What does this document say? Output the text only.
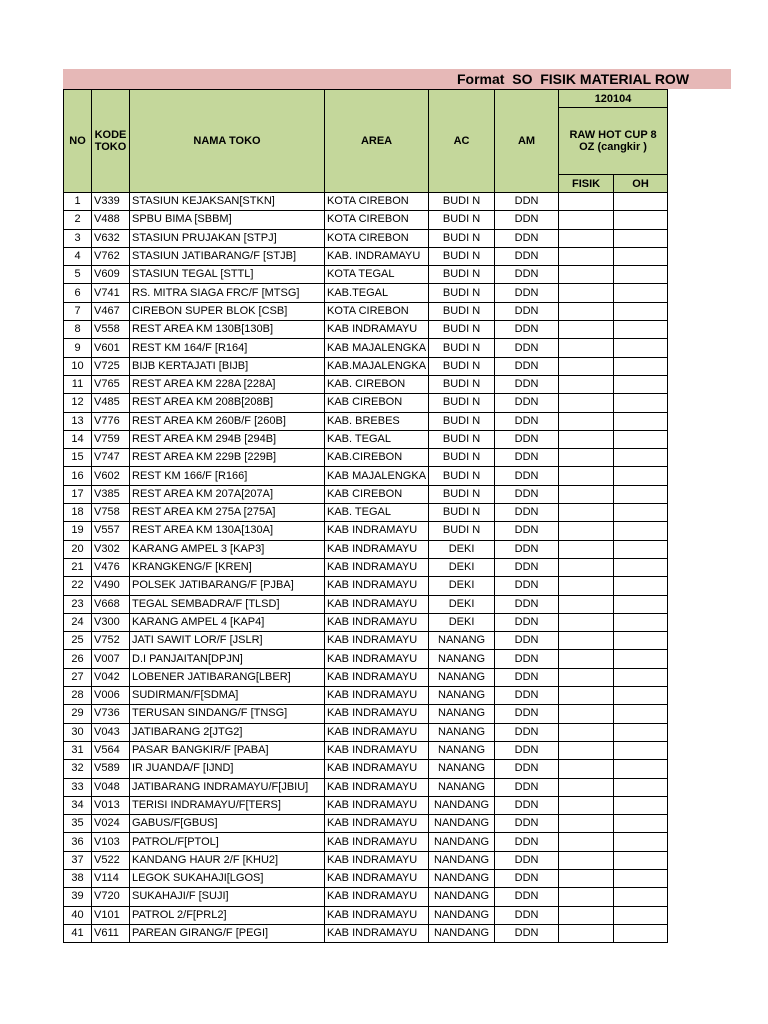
Format  SO  FISIK MATERIAL ROW
NO	KODE TOKO	NAMA TOKO	AREA	AC	AM	120104	
						RAW HOT CUP 8 OZ (cangkir )	
						FISIK	OH
1	V339	STASIUN KEJAKSAN[STKN]	KOTA CIREBON	BUDI N	DDN		
2	V488	SPBU BIMA [SBBM]	KOTA CIREBON	BUDI N	DDN		
3	V632	STASIUN PRUJAKAN [STPJ]	KOTA CIREBON	BUDI N	DDN		
4	V762	STASIUN JATIBARANG/F [STJB]	KAB. INDRAMAYU	BUDI N	DDN		
5	V609	STASIUN TEGAL [STTL]	KOTA TEGAL	BUDI N	DDN		
6	V741	RS. MITRA SIAGA FRC/F [MTSG]	KAB.TEGAL	BUDI N	DDN		
7	V467	CIREBON SUPER BLOK [CSB]	KOTA CIREBON	BUDI N	DDN		
8	V558	REST AREA KM 130B[130B]	KAB INDRAMAYU	BUDI N	DDN		
9	V601	REST KM 164/F [R164]	KAB MAJALENGKA	BUDI N	DDN		
10	V725	BIJB KERTAJATI [BIJB]	KAB.MAJALENGKA	BUDI N	DDN		
11	V765	REST AREA KM 228A [228A]	KAB. CIREBON	BUDI N	DDN		
12	V485	REST AREA KM 208B[208B]	KAB CIREBON	BUDI N	DDN		
13	V776	REST AREA KM 260B/F [260B]	KAB. BREBES	BUDI N	DDN		
14	V759	REST AREA KM 294B [294B]	KAB. TEGAL	BUDI N	DDN		
15	V747	REST AREA KM 229B [229B]	KAB.CIREBON	BUDI N	DDN		
16	V602	REST KM 166/F [R166]	KAB MAJALENGKA	BUDI N	DDN		
17	V385	REST AREA KM 207A[207A]	KAB CIREBON	BUDI N	DDN		
18	V758	REST AREA KM 275A [275A]	KAB. TEGAL	BUDI N	DDN		
19	V557	REST AREA KM 130A[130A]	KAB INDRAMAYU	BUDI N	DDN		
20	V302	KARANG AMPEL 3 [KAP3]	KAB INDRAMAYU	DEKI	DDN		
21	V476	KRANGKENG/F [KREN]	KAB INDRAMAYU	DEKI	DDN		
22	V490	POLSEK JATIBARANG/F [PJBA]	KAB INDRAMAYU	DEKI	DDN		
23	V668	TEGAL SEMBADRA/F [TLSD]	KAB INDRAMAYU	DEKI	DDN		
24	V300	KARANG AMPEL 4 [KAP4]	KAB INDRAMAYU	DEKI	DDN		
25	V752	JATI SAWIT LOR/F [JSLR]	KAB INDRAMAYU	NANANG	DDN		
26	V007	D.I PANJAITAN[DPJN]	KAB INDRAMAYU	NANANG	DDN		
27	V042	LOBENER JATIBARANG[LBER]	KAB INDRAMAYU	NANANG	DDN		
28	V006	SUDIRMAN/F[SDMA]	KAB INDRAMAYU	NANANG	DDN		
29	V736	TERUSAN SINDANG/F [TNSG]	KAB INDRAMAYU	NANANG	DDN		
30	V043	JATIBARANG 2[JTG2]	KAB INDRAMAYU	NANANG	DDN		
31	V564	PASAR BANGKIR/F [PABA]	KAB INDRAMAYU	NANANG	DDN		
32	V589	IR JUANDA/F [IJND]	KAB INDRAMAYU	NANANG	DDN		
33	V048	JATIBARANG INDRAMAYU/F[JBIU]	KAB INDRAMAYU	NANANG	DDN		
34	V013	TERISI INDRAMAYU/F[TERS]	KAB INDRAMAYU	NANDANG	DDN		
35	V024	GABUS/F[GBUS]	KAB INDRAMAYU	NANDANG	DDN		
36	V103	PATROL/F[PTOL]	KAB INDRAMAYU	NANDANG	DDN		
37	V522	KANDANG HAUR 2/F [KHU2]	KAB INDRAMAYU	NANDANG	DDN		
38	V114	LEGOK SUKAHAJI[LGOS]	KAB INDRAMAYU	NANDANG	DDN		
39	V720	SUKAHAJI/F [SUJI]	KAB INDRAMAYU	NANDANG	DDN		
40	V101	PATROL 2/F[PRL2]	KAB INDRAMAYU	NANDANG	DDN		
41	V611	PAREAN GIRANG/F [PEGI]	KAB INDRAMAYU	NANDANG	DDN		
